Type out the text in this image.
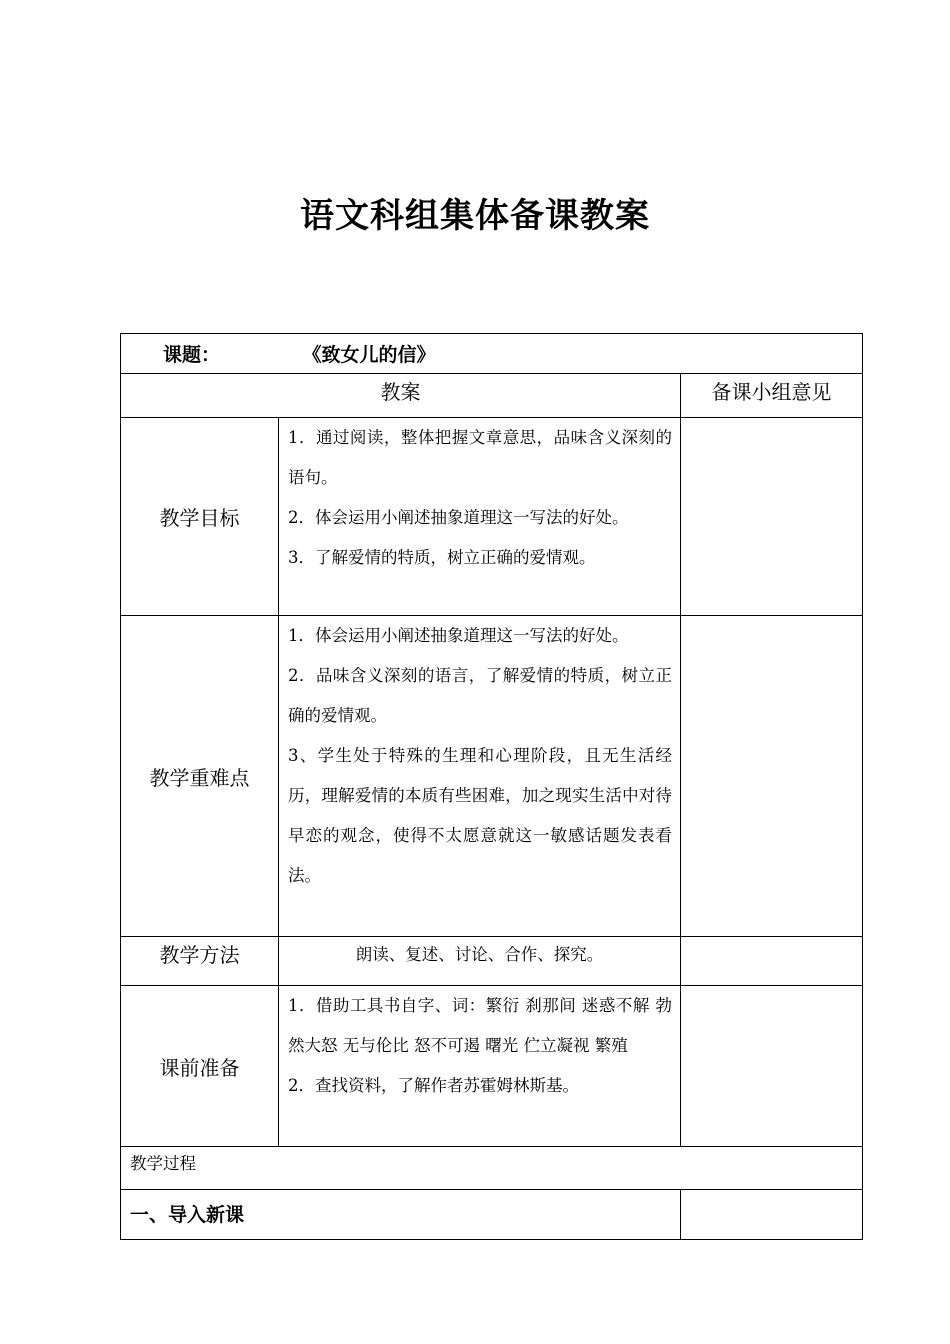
语文科组集体备课教案
课题： 《致女儿的信》		
教案		备课小组意见
教学目标	1．通过阅读，整体把握文章意思，品味含义深刻的语句。

2．体会运用小阐述抽象道理这一写法的好处。

3．了解爱情的特质，树立正确的爱情观。	

教学重难点	1．体会运用小阐述抽象道理这一写法的好处。

2．品味含义深刻的语言，了解爱情的特质，树立正确的爱情观。

3、学生处于特殊的生理和心理阶段，且无生活经历，理解爱情的本质有些困难，加之现实生活中对待早恋的观念，使得不太愿意就这一敏感话题发表看法。	

教学方法	朗读、复述、讨论、合作、探究。	
课前准备	1．借助工具书自字、词：繁衍 刹那间 迷惑不解 勃然大怒 无与伦比 怒不可遏 曙光 伫立凝视 繁殖

2．查找资料，了解作者苏霍姆林斯基。	

教学过程		
一、导入新课		
